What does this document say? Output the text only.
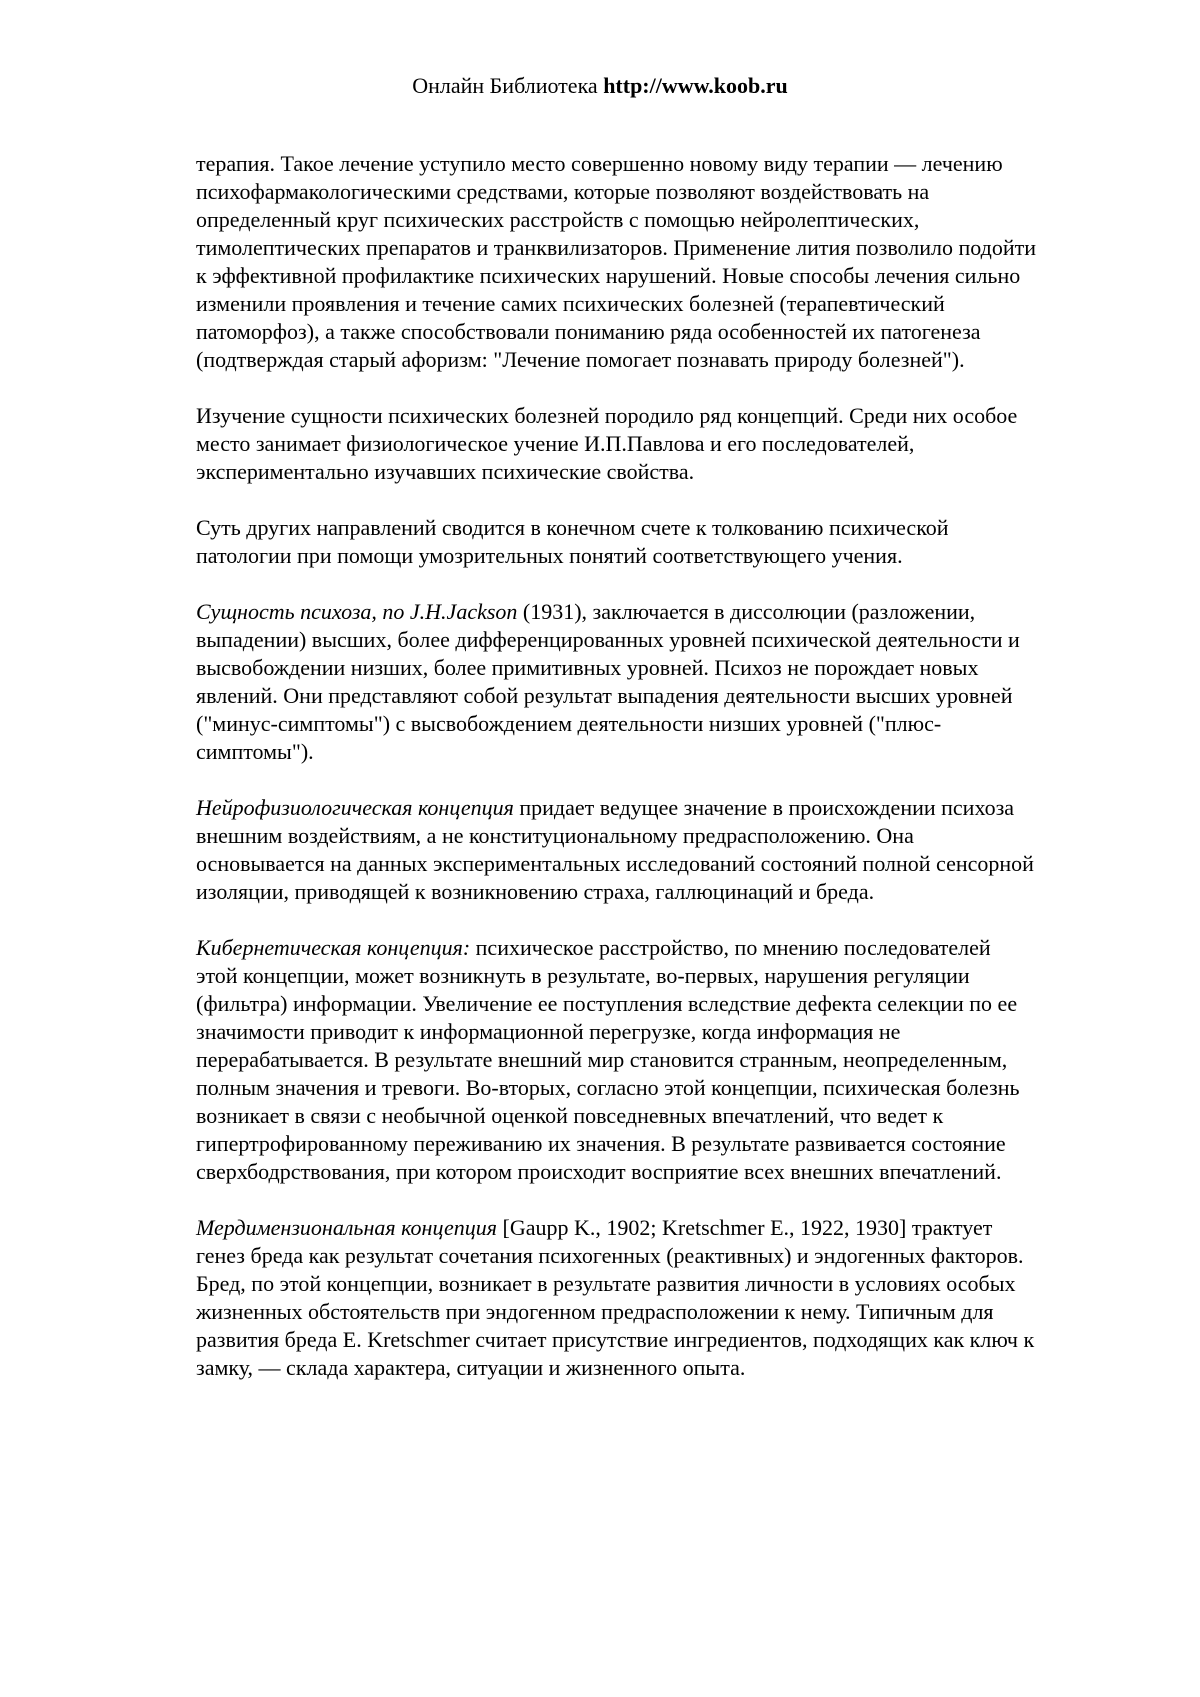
Онлайн Библиотека http://www.koob.ru

терапия. Такое лечение уступило место совершенно новому виду терапии — лечению психофармакологическими средствами, которые позволяют воздействовать на определенный круг психических расстройств с помощью нейролептических, тимолептических препаратов и транквилизаторов. Применение лития позволило подойти к эффективной профилактике психических нарушений. Новые способы лечения сильно изменили проявления и течение самих психических болезней (терапевтический патоморфоз), а также способствовали пониманию ряда особенностей их патогенеза (подтверждая старый афоризм: "Лечение помогает познавать природу болезней").

Изучение сущности психических болезней породило ряд концепций. Среди них особое место занимает физиологическое учение И.П.Павлова и его последователей, экспериментально изучавших психические свойства.

Суть других направлений сводится в конечном счете к толкованию психической патологии при помощи умозрительных понятий соответствующего учения.

Сущность психоза, по J.H.Jackson (1931), заключается в диссолюции (разложении, выпадении) высших, более дифференцированных уровней психической деятельности и высвобождении низших, более примитивных уровней. Психоз не порождает новых явлений. Они представляют собой результат выпадения деятельности высших уровней ("минус-симптомы") с высвобождением деятельности низших уровней ("плюс-симптомы").

Нейрофизиологическая концепция придает ведущее значение в происхождении психоза внешним воздействиям, а не конституциональному предрасположению. Она основывается на данных экспериментальных исследований состояний полной сенсорной изоляции, приводящей к возникновению страха, галлюцинаций и бреда.

Кибернетическая концепция: психическое расстройство, по мнению последователей этой концепции, может возникнуть в результате, во-первых, нарушения регуляции (фильтра) информации. Увеличение ее поступления вследствие дефекта селекции по ее значимости приводит к информационной перегрузке, когда информация не перерабатывается. В результате внешний мир становится странным, неопределенным, полным значения и тревоги. Во-вторых, согласно этой концепции, психическая болезнь возникает в связи с необычной оценкой повседневных впечатлений, что ведет к гипертрофированному переживанию их значения. В результате развивается состояние сверхбодрствования, при котором происходит восприятие всех внешних впечатлений.

Мердимензиональная концепция [Gaupp K., 1902; Kretschmer E., 1922, 1930] трактует генез бреда как результат сочетания психогенных (реактивных) и эндогенных факторов. Бред, по этой концепции, возникает в результате развития личности в условиях особых жизненных обстоятельств при эндогенном предрасположении к нему. Типичным для развития бреда E. Kretschmer считает присутствие ингредиентов, подходящих как ключ к замку, — склада характера, ситуации и жизненного опыта.
